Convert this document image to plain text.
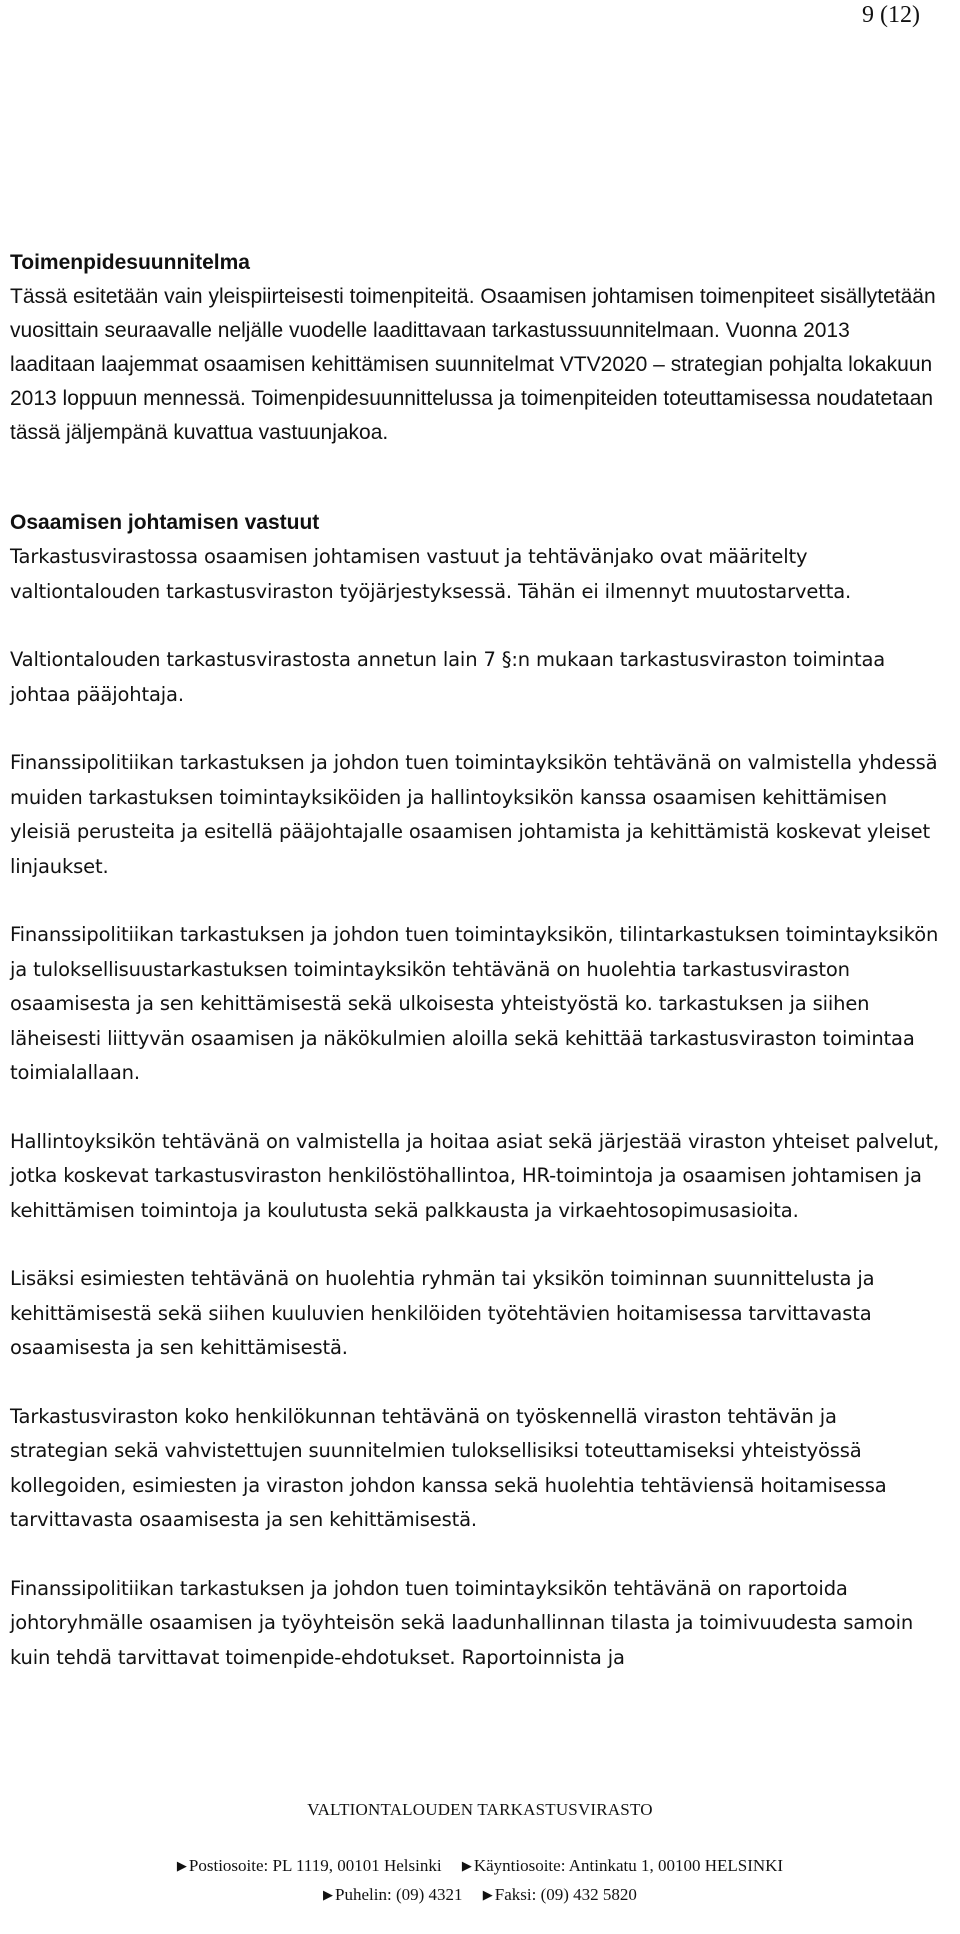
9 (12)
Toimenpidesuunnitelma

Tässä esitetään vain yleispiirteisesti toimenpiteitä. Osaamisen johtamisen toimenpiteet sisällytetään vuosittain seuraavalle neljälle vuodelle laadittavaan tarkastussuunnitelmaan. Vuonna 2013 laaditaan laajemmat osaamisen kehittämisen suunnitelmat VTV2020 – strategian pohjalta lokakuun 2013 loppuun mennessä. Toimenpidesuunnittelussa ja toimenpiteiden toteuttamisessa noudatetaan tässä jäljempänä kuvattua vastuunjakoa.

Osaamisen johtamisen vastuut

Tarkastusvirastossa osaamisen johtamisen vastuut ja tehtävänjako ovat määritelty valtiontalouden tarkastusviraston työjärjestyksessä. Tähän ei ilmennyt muutostarvetta.

Valtiontalouden tarkastusvirastosta annetun lain 7 §:n mukaan tarkastusviraston toimintaa johtaa pääjohtaja.

Finanssipolitiikan tarkastuksen ja johdon tuen toimintayksikön tehtävänä on valmistella yhdessä muiden tarkastuksen toimintayksiköiden ja hallintoyksikön kanssa osaamisen kehittämisen yleisiä perusteita ja esitellä pääjohtajalle osaamisen johtamista ja kehittämistä koskevat yleiset linjaukset.

Finanssipolitiikan tarkastuksen ja johdon tuen toimintayksikön, tilintarkastuksen toimintayksikön ja tuloksellisuustarkastuksen toimintayksikön tehtävänä on huolehtia tarkastusviraston osaamisesta ja sen kehittämisestä sekä ulkoisesta yhteistyöstä ko. tarkastuksen ja siihen läheisesti liittyvän osaamisen ja näkökulmien aloilla sekä kehittää tarkastusviraston toimintaa toimialallaan.

Hallintoyksikön tehtävänä on valmistella ja hoitaa asiat sekä järjestää viraston yhteiset palvelut, jotka koskevat tarkastusviraston henkilöstöhallintoa, HR-toimintoja ja osaamisen johtamisen ja kehittämisen toimintoja ja koulutusta sekä palkkausta ja virkaehtosopimusasioita.

Lisäksi esimiesten tehtävänä on huolehtia ryhmän tai yksikön toiminnan suunnittelusta ja kehittämisestä sekä siihen kuuluvien henkilöiden työtehtävien hoitamisessa tarvittavasta osaamisesta ja sen kehittämisestä.

Tarkastusviraston koko henkilökunnan tehtävänä on työskennellä viraston tehtävän ja strategian sekä vahvistettujen suunnitelmien tuloksellisiksi toteuttamiseksi yhteistyössä kollegoiden, esimiesten ja viraston johdon kanssa sekä huolehtia tehtäviensä hoitamisessa tarvittavasta osaamisesta ja sen kehittämisestä.

Finanssipolitiikan tarkastuksen ja johdon tuen toimintayksikön tehtävänä on raportoida johtoryhmälle osaamisen ja työyhteisön sekä laadunhallinnan tilasta ja toimivuudesta samoin kuin tehdä tarvittavat toimenpide-ehdotukset. Raportoinnista ja

VALTIONTALOUDEN TARKASTUSVIRASTO
▶ Postiosoite: PL 1119, 00101 Helsinki ▶ Käyntiosoite: Antinkatu 1, 00100 HELSINKI
▶ Puhelin: (09) 4321 ▶ Faksi: (09) 432 5820
